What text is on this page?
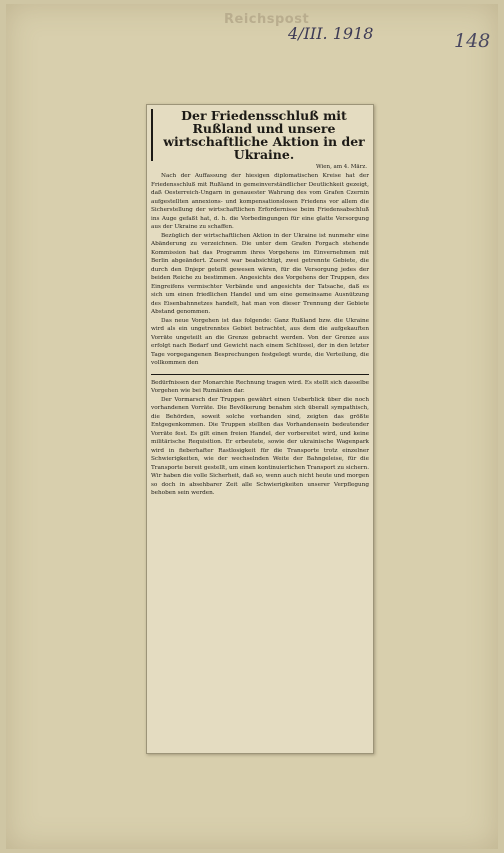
Reichspost
4/III. 1918	148
Der Friedensschluß mit Rußland und unsere wirtschaftliche Aktion in der Ukraine.
Wien, am 4. März.

Nach der Auffassung der hiesigen diplomatischen Kreise hat der Friedensschluß mit Rußland in gemeinverständlicher Deutlichkeit gezeigt, daß Oesterreich-Ungarn in genauester Wahrung des vom Grafen Czernin aufgestellten annexions- und kompensationslosen Friedens vor allem die Sicherstellung der wirtschaftlichen Erfordernisse beim Friedensabschluß ins Auge gefaßt hat, d. h. die Vorbedingungen für eine glatte Versorgung aus der Ukraine zu schaffen.

Bezüglich der wirtschaftlichen Aktion in der Ukraine ist nunmehr eine Abänderung zu verzeichnen. Die unter dem Grafen Forgach stehende Kommission hat das Programm ihres Vorgehens im Einvernehmen mit Berlin abgeändert. Zuerst war beabsichtigt, zwei getrennte Gebiete, die durch den Dnjepr geteilt gewesen wären, für die Versorgung jedes der beiden Reiche zu bestimmen. Angesichts des Vorgehens der Truppen, des Eingreifens vermischter Verbände und angesichts der Tatsache, daß es sich um einen friedlichen Handel und um eine gemeinsame Ausnützung des Eisenbahnnetzes handelt, hat man von dieser Trennung der Gebiete Abstand genommen.

Das neue Vorgehen ist das folgende: Ganz Rußland bzw. die Ukraine wird als ein ungetrenntes Gebiet betrachtet, aus dem die aufgekauften Vorräte ungeteilt an die Grenze gebracht werden. Von der Grenze aus erfolgt nach Bedarf und Gewicht nach einem Schlüssel, der in den letzter Tage vorgegangenen Besprechungen festgelegt wurde, die Verteilung, die vollkommen den

Bedürfnissen der Monarchie Rechnung tragen wird. Es stellt sich dasselbe Vorgehen wie bei Rumänien dar.

Der Vormarsch der Truppen gewährt einen Ueberblick über die noch vorhandenen Vorräte. Die Bevölkerung benahm sich überall sympathisch, die Behörden, soweit solche vorhanden sind, zeigten das größte Entgegenkommen. Die Truppen stellten das Vorhandensein bedeutender Vorräte fest. Es gilt einen freien Handel, der vorbereitet wird, und keine militärische Requisition. Er erbeutete, sowie der ukrainische Wagenpark wird in fieberhafter Rastlosigkeit für die Transporte trotz einzelner Schwierigkeiten, wie der wechselnden Weite der Bahngeleise, für die Transporte bereit gestellt, um einen kontinuierlichen Transport zu sichern. Wir haben die volle Sicherheit, daß so, wenn auch nicht heute und morgen so doch in absehbarer Zeit alle Schwierigkeiten unserer Verpflegung behoben sein werden.
